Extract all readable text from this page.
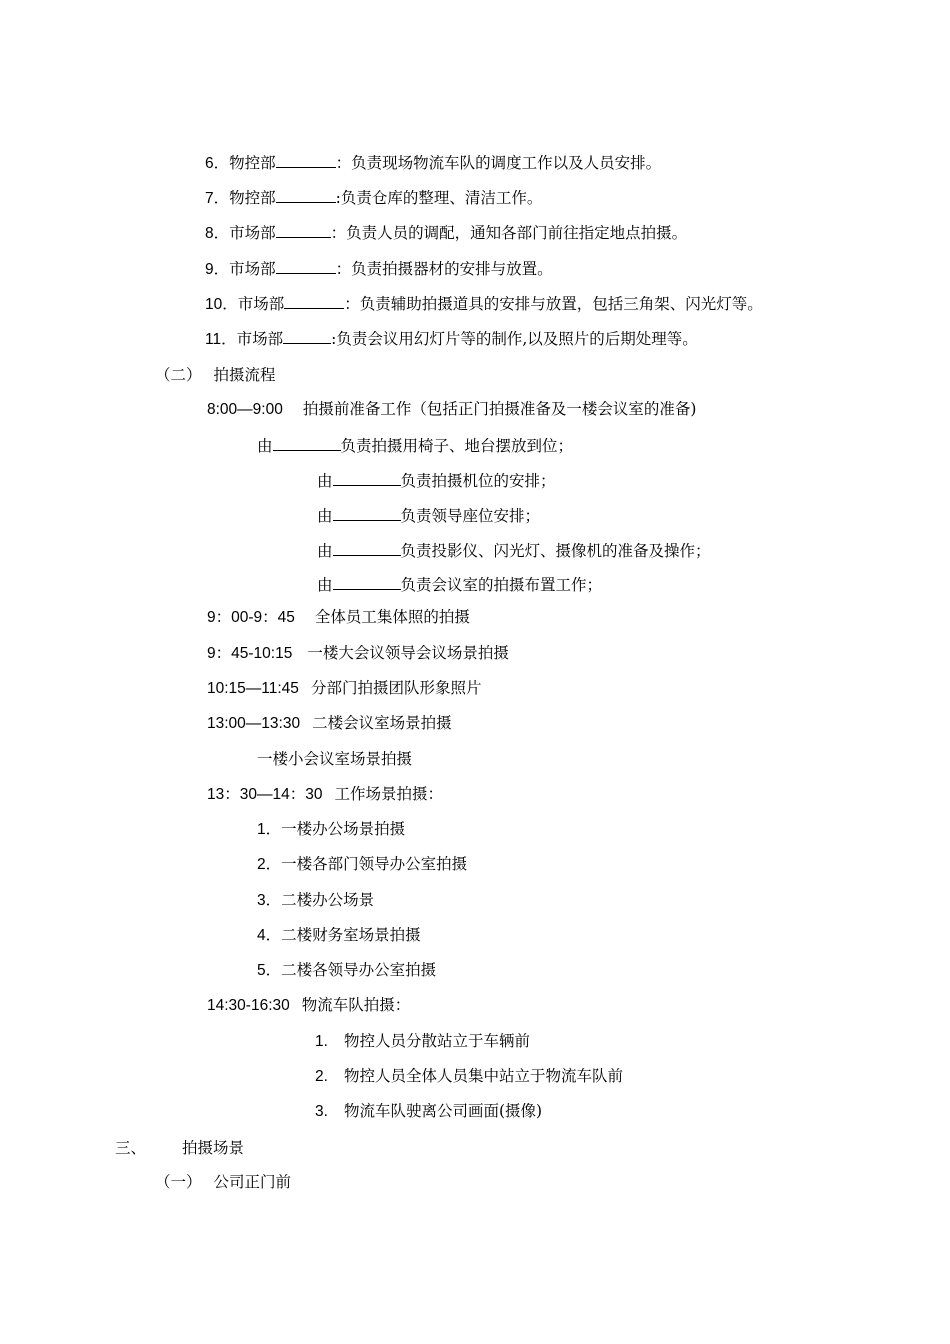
6．物控部	：负责现场物流车队的调度工作以及人员安排。
7．物控部	:负责仓库的整理、清洁工作。
8．市场部	：负责人员的调配，通知各部门前往指定地点拍摄。
9．市场部	：负责拍摄器材的安排与放置。
10．市场部	：负责辅助拍摄道具的安排与放置，包括三角架、闪光灯等。
11．市场部	:负责会议用幻灯片等的制作,以及照片的后期处理等。
（二） 拍摄流程
8:00—9:00 拍摄前准备工作（包括正门拍摄准备及一楼会议室的准备)
由	负责拍摄用椅子、地台摆放到位；
由	负责拍摄机位的安排；
由	负责领导座位安排；
由	负责投影仪、闪光灯、摄像机的准备及操作；
由	负责会议室的拍摄布置工作；
9：00-9：45 全体员工集体照的拍摄
9：45-10:15 一楼大会议领导会议场景拍摄
10:15—11:45 分部门拍摄团队形象照片
13:00—13:30 二楼会议室场景拍摄
一楼小会议室场景拍摄
13：30—14：30 工作场景拍摄：
1．一楼办公场景拍摄
2．一楼各部门领导办公室拍摄
3．二楼办公场景
4．二楼财务室场景拍摄
5．二楼各领导办公室拍摄
14:30-16:30 物流车队拍摄：
1. 物控人员分散站立于车辆前
2. 物控人员全体人员集中站立于物流车队前
3. 物流车队驶离公司画面(摄像)
三、 拍摄场景
（一） 公司正门前
